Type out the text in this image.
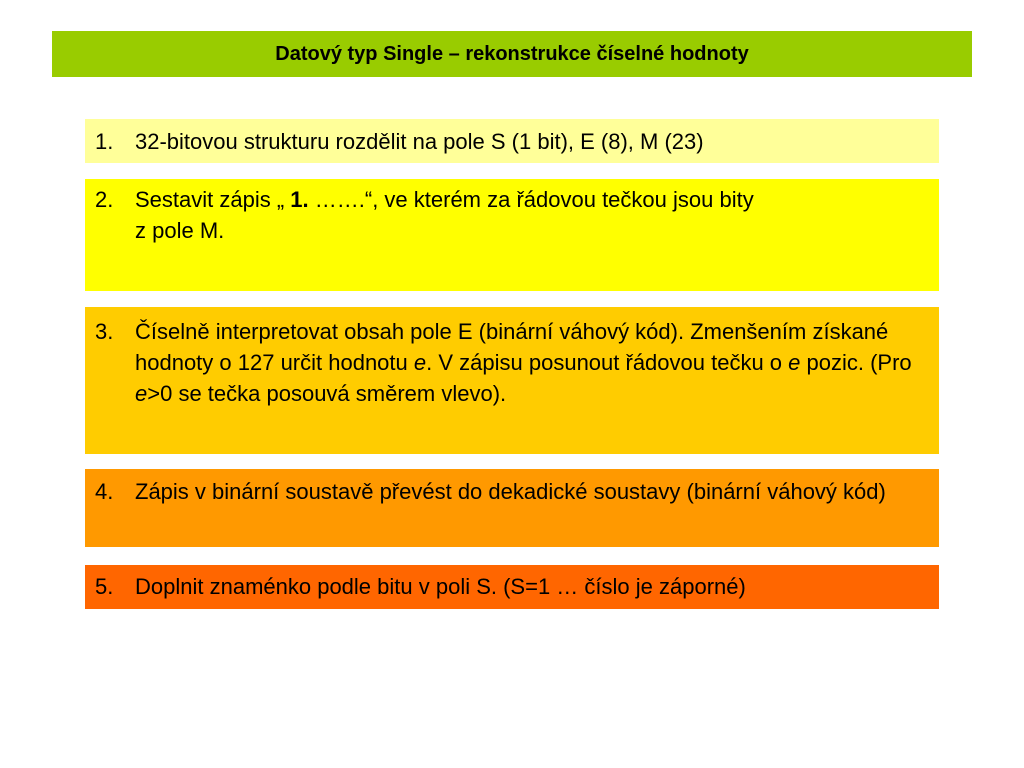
Datový typ Single – rekonstrukce číselné hodnoty
1. 32-bitovou strukturu rozdělit na pole S (1 bit), E (8), M (23)
2. Sestavit zápis „ 1. …….“, ve kterém za řádovou tečkou jsou bity
z pole M.
3. Číselně interpretovat obsah pole E (binární váhový kód). Zmenšením získané hodnoty o 127 určit hodnotu e. V zápisu posunout řádovou tečku o e pozic. (Pro e>0 se tečka posouvá směrem vlevo).
4. Zápis v binární soustavě převést do dekadické soustavy (binární váhový kód)
5. Doplnit znaménko podle bitu v poli S. (S=1 … číslo je záporné)
